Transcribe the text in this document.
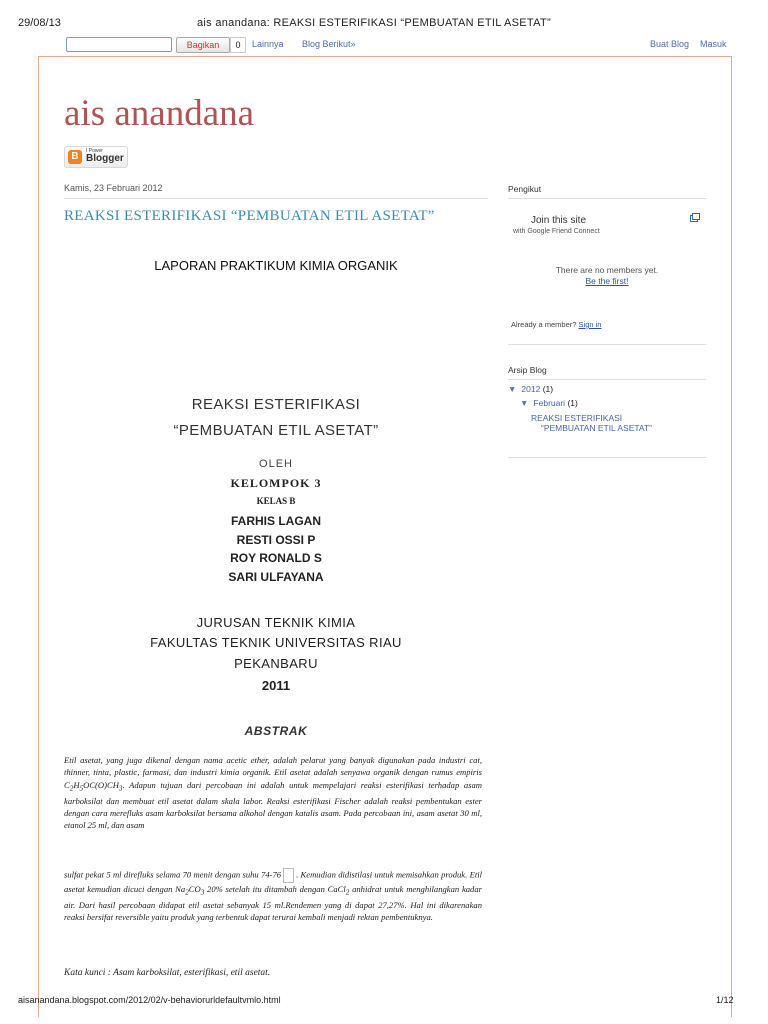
29/08/13	ais anandana: REAKSI ESTERIFIKASI “PEMBUATAN ETIL ASETAT”
Bagikan	0	Lainnya Blog Berikut»	Buat Blog Masuk
ais anandana
B	I Power
Blogger
Kamis, 23 Februari 2012
REAKSI ESTERIFIKASI “PEMBUATAN ETIL ASETAT”
LAPORAN PRAKTIKUM KIMIA ORGANIK
REAKSI ESTERIFIKASI
“PEMBUATAN ETIL ASETAT”
OLEH
KELOMPOK 3
KELAS B
FARHIS LAGAN
RESTI OSSI P
ROY RONALD S
SARI ULFAYANA
JURUSAN TEKNIK KIMIA
FAKULTAS TEKNIK UNIVERSITAS RIAU
PEKANBARU
2011
ABSTRAK

Etil asetat, yang juga dikenal dengan nama acetic ether, adalah pelarut yang banyak digunakan pada industri cat, thinner, tinta, plastic, farmasi, dan industri kimia organik. Etil asetat adalah senyawa organik dengan rumus empiris $C_2H_5OC(O)CH_3$. Adapun tujuan dari percobaan ini adalah untuk mempelajari reaksi esterifikasi terhadap asam karboksilat dan membuat etil asetat dalam skala labor. Reaksi esterifikasi Fischer adalah reaksi pembentukan ester dengan cara merefluks asam karboksilat bersama alkohol dengan katalis asam. Pada percobaan ini, asam asetat 30 ml, etanol 25 ml, dan asam

sulfat pekat 5 ml direfluks selama 70 menit dengan suhu 74-76 . Kemudian didistilasi untuk memisahkan produk. Etil asetat kemudian dicuci dengan $Na_2CO_3$ 20% setelah itu ditambah dengan CaCl$_2$ anhidrat untuk menghilangkan kadar air. Dari hasil percobaan didapat etil asetat sebanyak 15 ml.Rendemen yang di dapat 27,27%. Hal ini dikarenakan reaksi bersifat reversible yaitu produk yang terbentuk dapat terurai kembali menjadi rektan pembentuknya.

Kata kunci : Asam karboksilat, esterifikasi, etil asetat.
Pengikut
Join this site
with Google Friend Connect
There are no members yet.
Be the first!
Already a member? Sign in
Arsip Blog
▼ 2012 (1)
▼ Februari (1)
REAKSI ESTERIFIKASI
“PEMBUATAN ETIL ASETAT”
aisanandana.blogspot.com/2012/02/v-behaviorurldefaultvmlo.html	1/12
